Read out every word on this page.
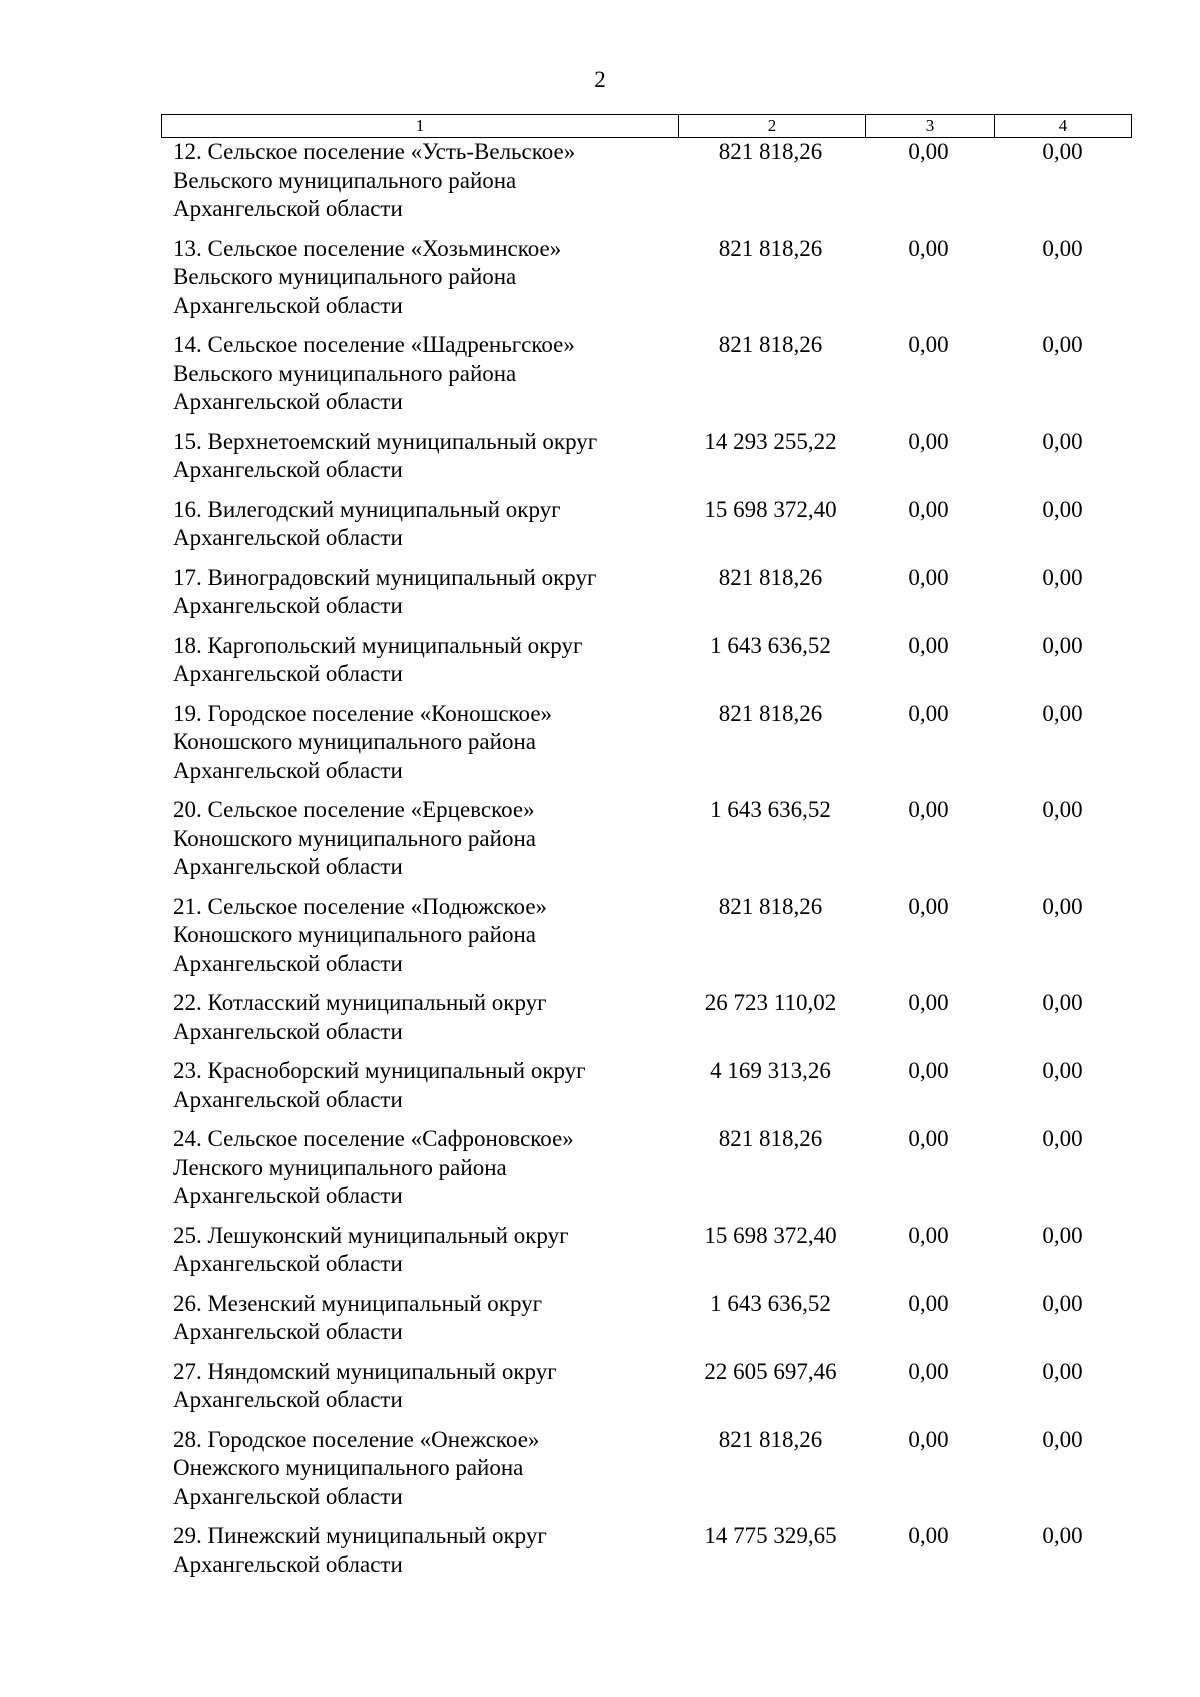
2
1	2	3	4
12. Сельское поселение «Усть-Вельское»
Вельского муниципального района
Архангельской области
821 818,26	0,00	0,00
13. Сельское поселение «Хозьминское»
Вельского муниципального района
Архангельской области
821 818,26	0,00	0,00
14. Сельское поселение «Шадреньгское»
Вельского муниципального района
Архангельской области
821 818,26	0,00	0,00
15. Верхнетоемский муниципальный округ
Архангельской области
14 293 255,22	0,00	0,00
16. Вилегодский муниципальный округ
Архангельской области
15 698 372,40	0,00	0,00
17. Виноградовский муниципальный округ
Архангельской области
821 818,26	0,00	0,00
18. Каргопольский муниципальный округ
Архангельской области
1 643 636,52	0,00	0,00
19. Городское поселение «Коношское»
Коношского муниципального района
Архангельской области
821 818,26	0,00	0,00
20. Сельское поселение «Ерцевское»
Коношского муниципального района
Архангельской области
1 643 636,52	0,00	0,00
21. Сельское поселение «Подюжское»
Коношского муниципального района
Архангельской области
821 818,26	0,00	0,00
22. Котласский муниципальный округ
Архангельской области
26 723 110,02	0,00	0,00
23. Красноборский муниципальный округ
Архангельской области
4 169 313,26	0,00	0,00
24. Сельское поселение «Сафроновское»
Ленского муниципального района
Архангельской области
821 818,26	0,00	0,00
25. Лешуконский муниципальный округ
Архангельской области
15 698 372,40	0,00	0,00
26. Мезенский муниципальный округ
Архангельской области
1 643 636,52	0,00	0,00
27. Няндомский муниципальный округ
Архангельской области
22 605 697,46	0,00	0,00
28. Городское поселение «Онежское»
Онежского муниципального района
Архангельской области
821 818,26	0,00	0,00
29. Пинежский муниципальный округ
Архангельской области
14 775 329,65	0,00	0,00
